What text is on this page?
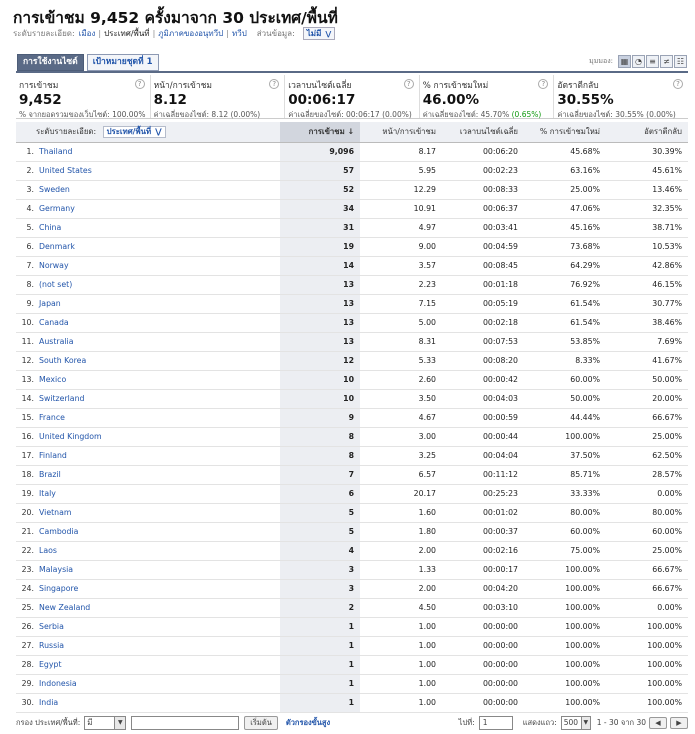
การเข้าชม 9,452 ครั้งมาจาก 30 ประเทศ/พื้นที่
ระดับรายละเอียด: เมือง | ประเทศ/พื้นที่ | ภูมิภาคของอนุทวีป | ทวีป ส่วนข้อมูล: ไม่มี ⋁
การใช้งานไซต์	เป้าหมายชุดที่ 1	มุมมอง: ▦ ◔ ≡ ≠ ☷
การเข้าชม
9,452
% จากยอดรวมของเว็บไซต์: 100.00%
?	หน้า/การเข้าชม
8.12
ค่าเฉลี่ยของไซต์: 8.12 (0.00%)
?	เวลาบนไซต์เฉลี่ย
00:06:17
ค่าเฉลี่ยของไซต์: 00:06:17 (0.00%)
?	% การเข้าชมใหม่
46.00%
ค่าเฉลี่ยของไซต์: 45.70% (0.65%)
?	อัตราตีกลับ
30.55%
ค่าเฉลี่ยของไซต์: 30.55% (0.00%)
?
ระดับรายละเอียด: ประเทศ/พื้นที่ ⋁		การเข้าชม ↓	หน้า/การเข้าชม	เวลาบนไซต์เฉลี่ย	% การเข้าชมใหม่	อัตราตีกลับ
1.	Thailand	9,096	8.17	00:06:20	45.68%	30.39%
2.	United States	57	5.95	00:02:23	63.16%	45.61%
3.	Sweden	52	12.29	00:08:33	25.00%	13.46%
4.	Germany	34	10.91	00:06:37	47.06%	32.35%
5.	China	31	4.97	00:03:41	45.16%	38.71%
6.	Denmark	19	9.00	00:04:59	73.68%	10.53%
7.	Norway	14	3.57	00:08:45	64.29%	42.86%
8.	(not set)	13	2.23	00:01:18	76.92%	46.15%
9.	Japan	13	7.15	00:05:19	61.54%	30.77%
10.	Canada	13	5.00	00:02:18	61.54%	38.46%
11.	Australia	13	8.31	00:07:53	53.85%	7.69%
12.	South Korea	12	5.33	00:08:20	8.33%	41.67%
13.	Mexico	10	2.60	00:00:42	60.00%	50.00%
14.	Switzerland	10	3.50	00:04:03	50.00%	20.00%
15.	France	9	4.67	00:00:59	44.44%	66.67%
16.	United Kingdom	8	3.00	00:00:44	100.00%	25.00%
17.	Finland	8	3.25	00:04:04	37.50%	62.50%
18.	Brazil	7	6.57	00:11:12	85.71%	28.57%
19.	Italy	6	20.17	00:25:23	33.33%	0.00%
20.	Vietnam	5	1.60	00:01:02	80.00%	80.00%
21.	Cambodia	5	1.80	00:00:37	60.00%	60.00%
22.	Laos	4	2.00	00:02:16	75.00%	25.00%
23.	Malaysia	3	1.33	00:00:17	100.00%	66.67%
24.	Singapore	3	2.00	00:04:20	100.00%	66.67%
25.	New Zealand	2	4.50	00:03:10	100.00%	0.00%
26.	Serbia	1	1.00	00:00:00	100.00%	100.00%
27.	Russia	1	1.00	00:00:00	100.00%	100.00%
28.	Egypt	1	1.00	00:00:00	100.00%	100.00%
29.	Indonesia	1	1.00	00:00:00	100.00%	100.00%
30.	India	1	1.00	00:00:00	100.00%	100.00%
กรอง ประเทศ/พื้นที่: มี	▼	เริ่มต้น	ตัวกรองขั้นสูง	ไปที่:	1	แสดงแถว: 500 ▼ 1 - 30 จาก 30	◀	▶
